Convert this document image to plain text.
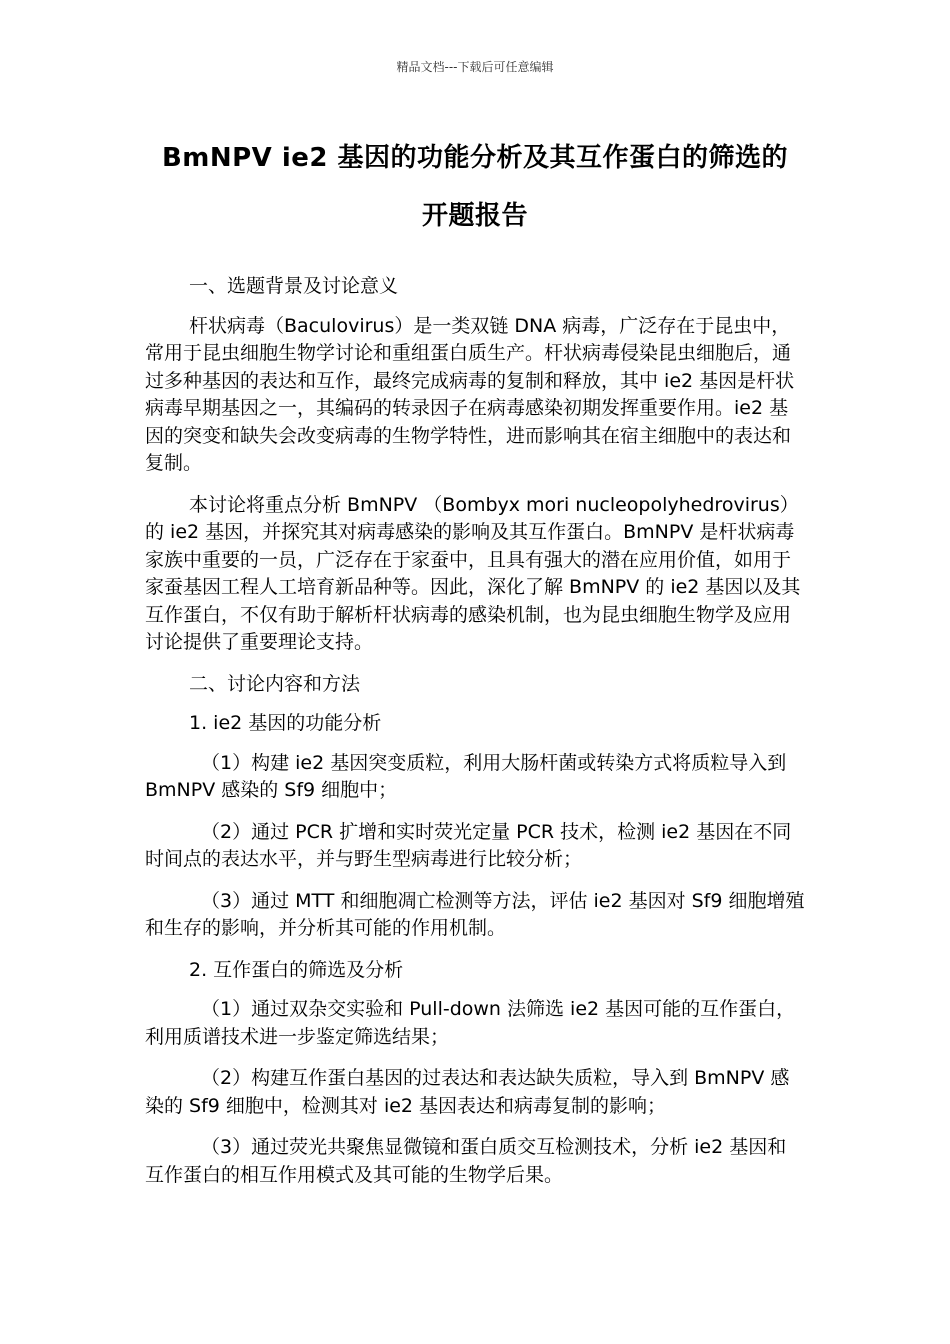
精品文档---下载后可任意编辑
BmNPV ie2 基因的功能分析及其互作蛋白的筛选的
开题报告

一、选题背景及讨论意义

杆状病毒（Baculovirus）是一类双链 DNA 病毒，广泛存在于昆虫中，常用于昆虫细胞生物学讨论和重组蛋白质生产。杆状病毒侵染昆虫细胞后，通过多种基因的表达和互作，最终完成病毒的复制和释放，其中 ie2 基因是杆状病毒早期基因之一，其编码的转录因子在病毒感染初期发挥重要作用。ie2 基因的突变和缺失会改变病毒的生物学特性，进而影响其在宿主细胞中的表达和复制。

本讨论将重点分析 BmNPV （Bombyx mori nucleopolyhedrovirus）的 ie2 基因，并探究其对病毒感染的影响及其互作蛋白。BmNPV 是杆状病毒家族中重要的一员，广泛存在于家蚕中，且具有强大的潜在应用价值，如用于家蚕基因工程人工培育新品种等。因此，深化了解 BmNPV 的 ie2 基因以及其互作蛋白，不仅有助于解析杆状病毒的感染机制，也为昆虫细胞生物学及应用讨论提供了重要理论支持。

二、讨论内容和方法

1. ie2 基因的功能分析

（1）构建 ie2 基因突变质粒，利用大肠杆菌或转染方式将质粒导入到 BmNPV 感染的 Sf9 细胞中；

（2）通过 PCR 扩增和实时荧光定量 PCR 技术，检测 ie2 基因在不同时间点的表达水平，并与野生型病毒进行比较分析；

（3）通过 MTT 和细胞凋亡检测等方法，评估 ie2 基因对 Sf9 细胞增殖和生存的影响，并分析其可能的作用机制。

2. 互作蛋白的筛选及分析

（1）通过双杂交实验和 Pull-down 法筛选 ie2 基因可能的互作蛋白，利用质谱技术进一步鉴定筛选结果；

（2）构建互作蛋白基因的过表达和表达缺失质粒，导入到 BmNPV 感染的 Sf9 细胞中，检测其对 ie2 基因表达和病毒复制的影响；

（3）通过荧光共聚焦显微镜和蛋白质交互检测技术，分析 ie2 基因和互作蛋白的相互作用模式及其可能的生物学后果。
